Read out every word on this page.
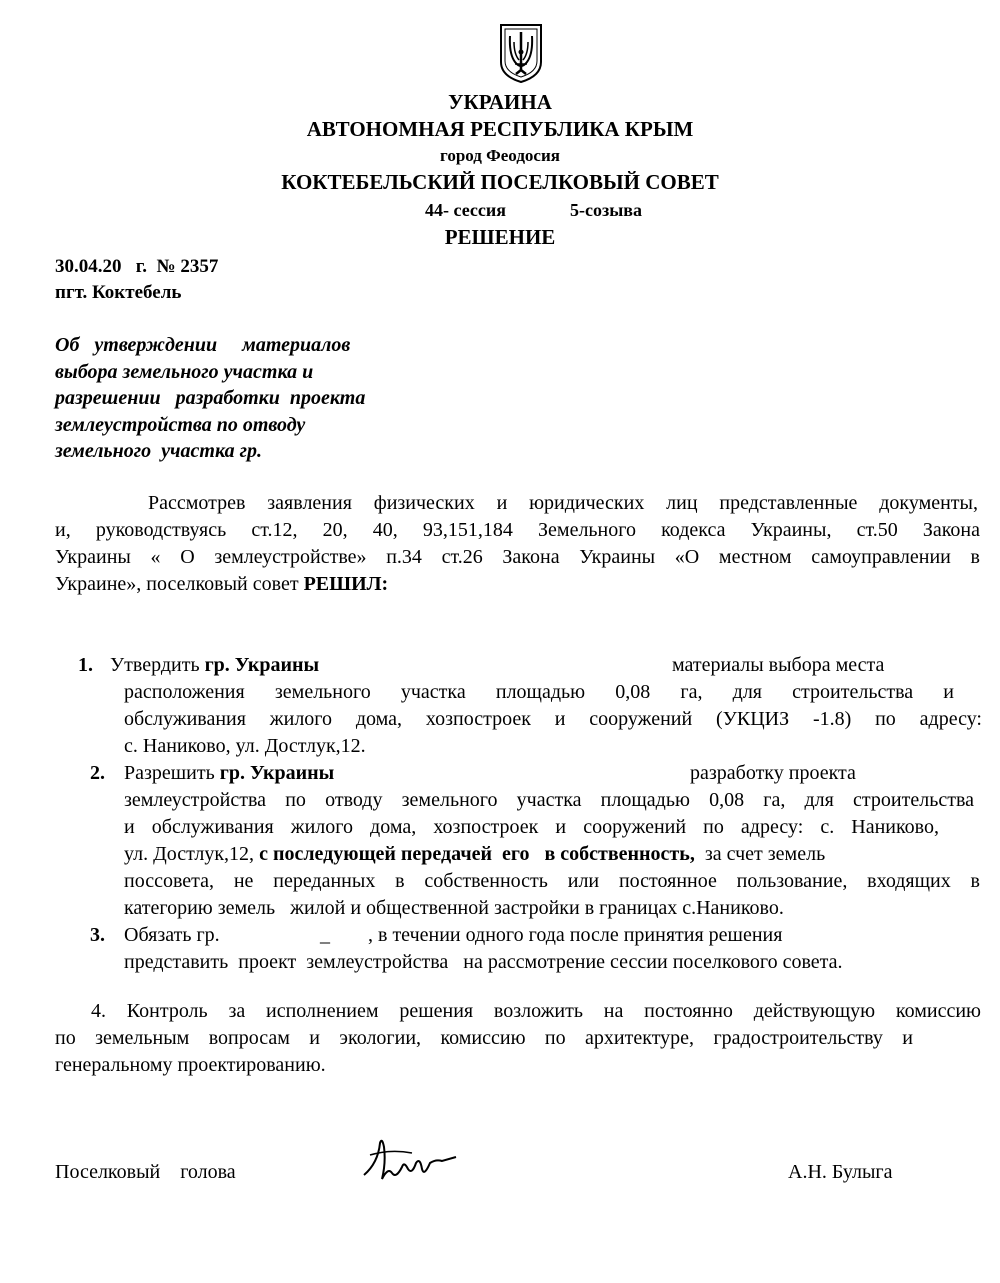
УКРАИНА
АВТОНОМНАЯ РЕСПУБЛИКА КРЫМ
город Феодосия
КОКТЕБЕЛЬСКИЙ ПОСЕЛКОВЫЙ СОВЕТ
44- сессия	5-созыва
РЕШЕНИЕ
30.04.20   г.  № 2357
пгт. Коктебель
Об   утверждении     материалов
выбора земельного участка и
разрешении   разработки  проекта
землеустройства по отводу
земельного  участка гр.
Рассмотрев заявления физических и юридических лиц представленные документы,
и, руководствуясь ст.12, 20, 40, 93,151,184 Земельного кодекса Украины, ст.50 Закона
Украины « О землеустройстве» п.34 ст.26 Закона Украины «О местном самоуправлении в
Украине», поселковый совет РЕШИЛ:
1. Утвердить гр. Украины	материалы выбора места
расположения земельного участка площадью 0,08 га, для строительства и
обслуживания жилого дома, хозпостроек и сооружений (УКЦИЗ -1.8) по адресу:
с. Наниково, ул. Достлук,12.
2. Разрешить гр. Украины	разработку проекта
землеустройства по отводу земельного участка площадью 0,08 га, для строительства
и обслуживания жилого дома, хозпостроек и сооружений по адресу: с. Наниково,
ул. Достлук,12, с последующей передачей  его   в собственность,  за счет земель
поссовета, не переданных в собственность или постоянное пользование, входящих в
категорию земель   жилой и общественной застройки в границах с.Наниково.
3. Обязать гр.	_ , в течении одного года после принятия решения
представить  проект  землеустройства   на рассмотрение сессии поселкового совета.
4. Контроль за исполнением решения возложить на постоянно действующую комиссию
по земельным вопросам и экологии, комиссию по архитектуре, градостроительству и
генеральному проектированию.
Поселковый    голова	А.Н. Булыга
